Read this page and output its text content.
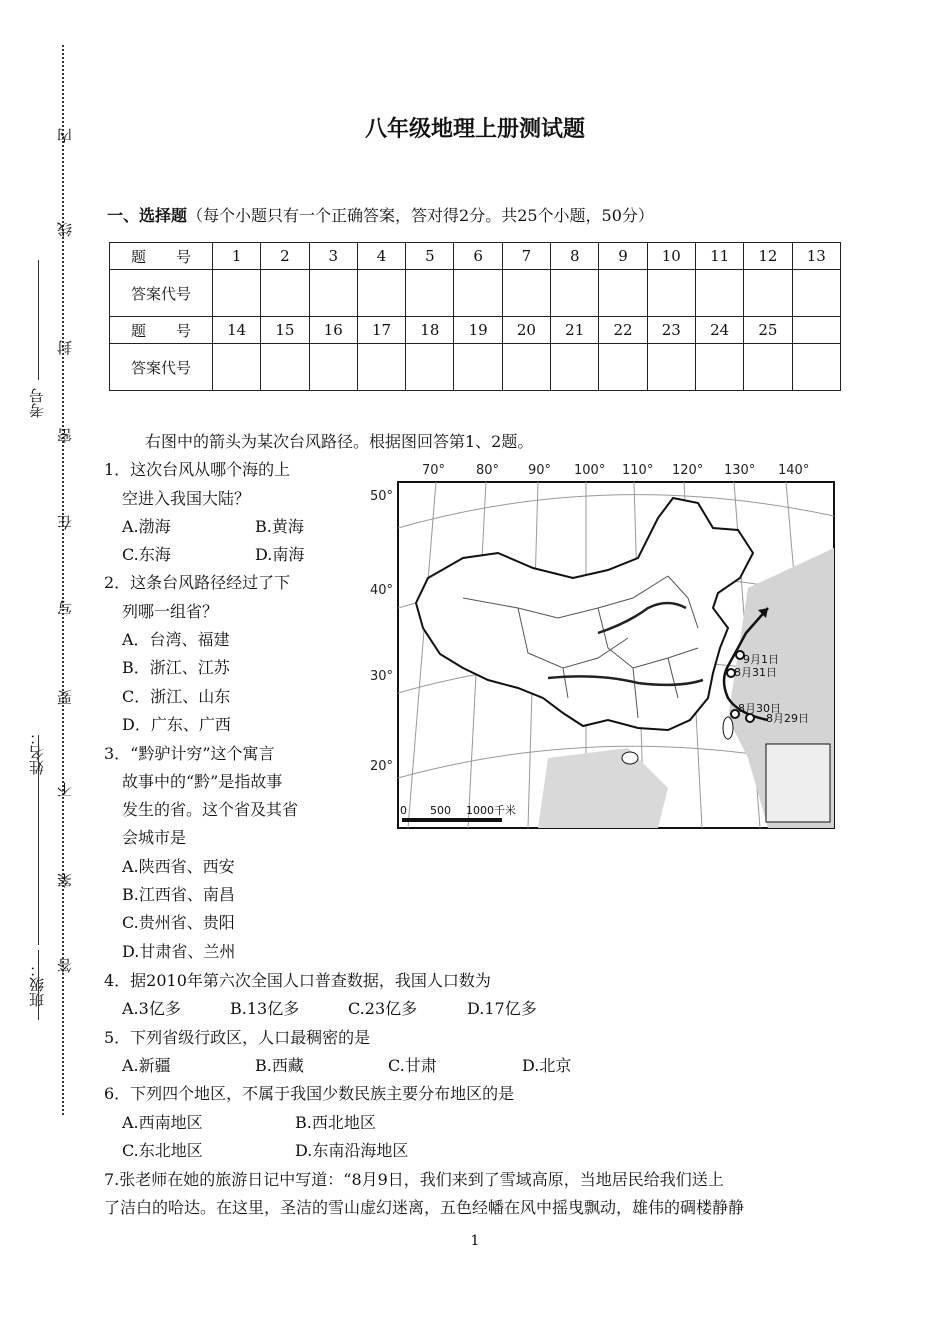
考号
姓名：
班级：
内
线
封
密
在
写
要
不
案
答
八年级地理上册测试题
一、选择题（每个小题只有一个正确答案，答对得2分。共25个小题，50分）
题　　号	1	2	3	4	5	6	7	8	9	10	11	12	13
答案代号													
题　　号	14	15	16	17	18	19	20	21	22	23	24	25	
答案代号													
右图中的箭头为某次台风路径。根据图回答第1、2题。
1．这次台风从哪个海的上
空进入我国大陆？
A.渤海	B.黄海
C.东海	D.南海
2．这条台风路径经过了下
列哪一组省？
A．台湾、福建
B．浙江、江苏
C．浙江、山东
D．广东、广西
3．“黔驴计穷”这个寓言
故事中的“黔”是指故事
发生的省。这个省及其省
会城市是
A.陕西省、西安
B.江西省、南昌
C.贵州省、贵阳
D.甘肃省、兰州
4．据2010年第六次全国人口普查数据，我国人口数为
A.3亿多	B.13亿多	C.23亿多	D.17亿多
5．下列省级行政区，人口最稠密的是
A.新疆	B.西藏	C.甘肃	D.北京
6．下列四个地区，不属于我国少数民族主要分布地区的是
A.西南地区	B.西北地区
C.东北地区	D.东南沿海地区
7.张老师在她的旅游日记中写道：“8月9日，我们来到了雪域高原，当地居民给我们送上
了洁白的哈达。在这里，圣洁的雪山虚幻迷离，五色经幡在风中摇曳飘动，雄伟的碉楼静静
70° 80° 90° 100° 110° 120° 130° 140°
50°
40°
30°
20°
9月1日
8月31日
8月30日
8月29日
0 500 1000千米
1
